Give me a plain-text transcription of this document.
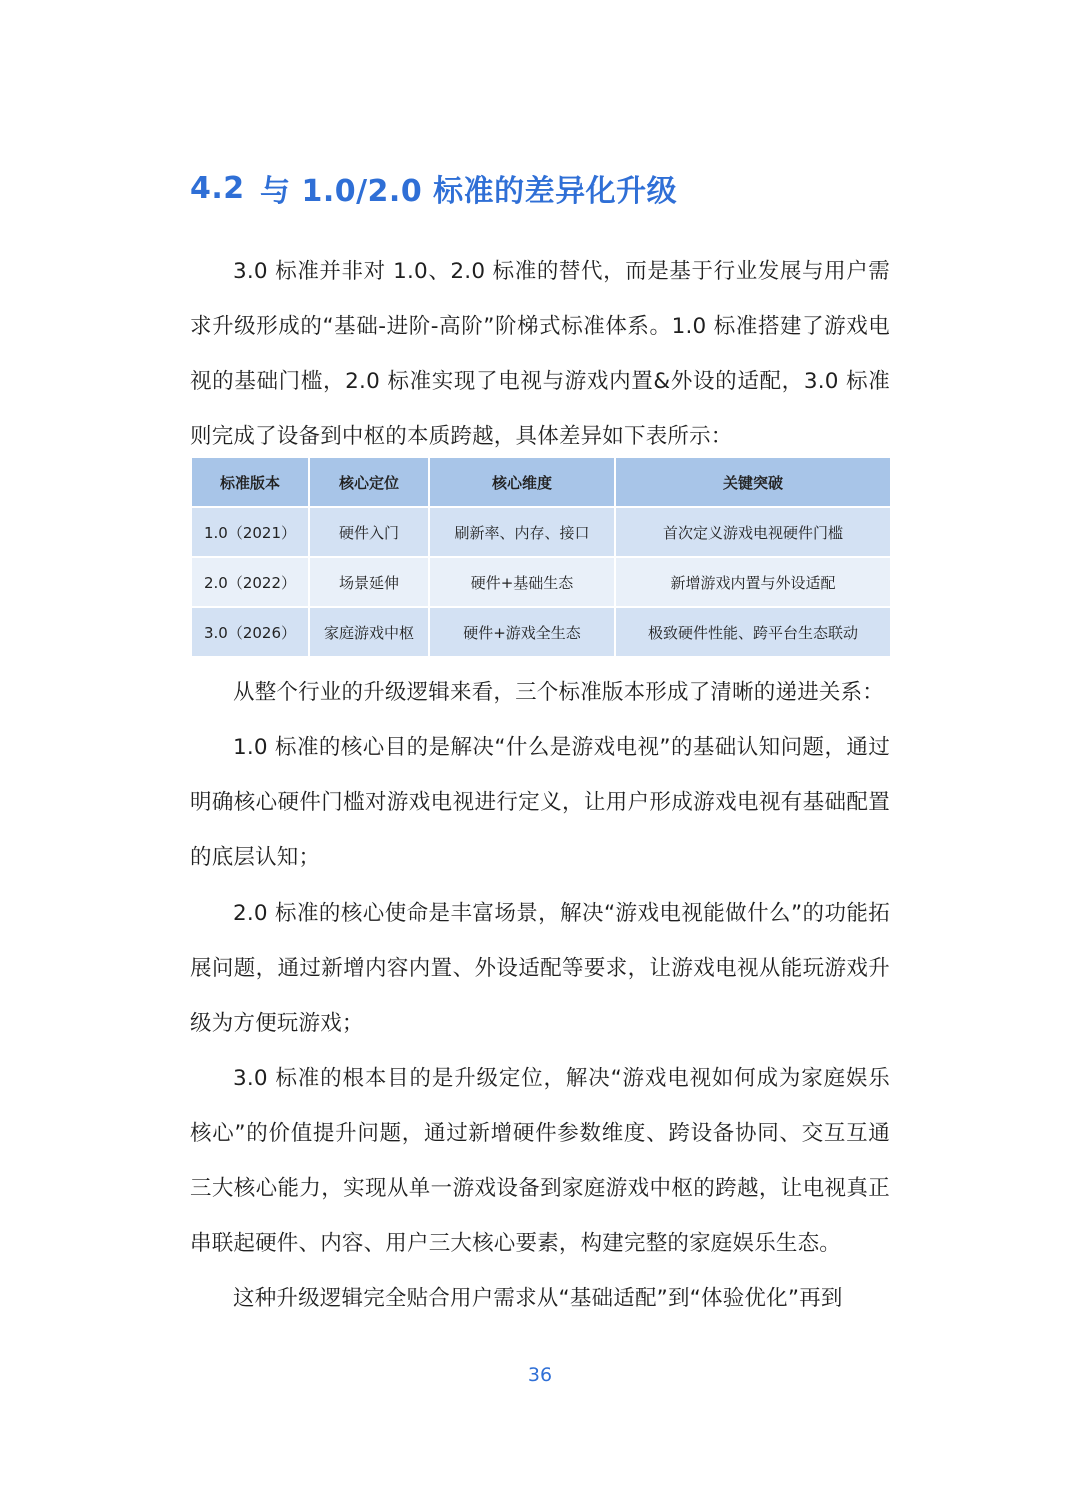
4.2 与 1.0/2.0 标准的差异化升级

3.0 标准并非对 1.0、2.0 标准的替代，而是基于行业发展与用户需求升级形成的“基础-进阶-高阶”阶梯式标准体系。1.0 标准搭建了游戏电视的基础门槛，2.0 标准实现了电视与游戏内置&外设的适配，3.0 标准则完成了设备到中枢的本质跨越，具体差异如下表所示：

标准版本	核心定位	核心维度	关键突破
1.0（2021）	硬件入门	刷新率、内存、接口	首次定义游戏电视硬件门槛
2.0（2022）	场景延伸	硬件+基础生态	新增游戏内置与外设适配
3.0（2026）	家庭游戏中枢	硬件+游戏全生态	极致硬件性能、跨平台生态联动

从整个行业的升级逻辑来看，三个标准版本形成了清晰的递进关系：

1.0 标准的核心目的是解决“什么是游戏电视”的基础认知问题，通过明确核心硬件门槛对游戏电视进行定义，让用户形成游戏电视有基础配置的底层认知；

2.0 标准的核心使命是丰富场景，解决“游戏电视能做什么”的功能拓展问题，通过新增内容内置、外设适配等要求，让游戏电视从能玩游戏升级为方便玩游戏；

3.0 标准的根本目的是升级定位，解决“游戏电视如何成为家庭娱乐核心”的价值提升问题，通过新增硬件参数维度、跨设备协同、交互互通三大核心能力，实现从单一游戏设备到家庭游戏中枢的跨越，让电视真正串联起硬件、内容、用户三大核心要素，构建完整的家庭娱乐生态。

这种升级逻辑完全贴合用户需求从“基础适配”到“体验优化”再到

36
